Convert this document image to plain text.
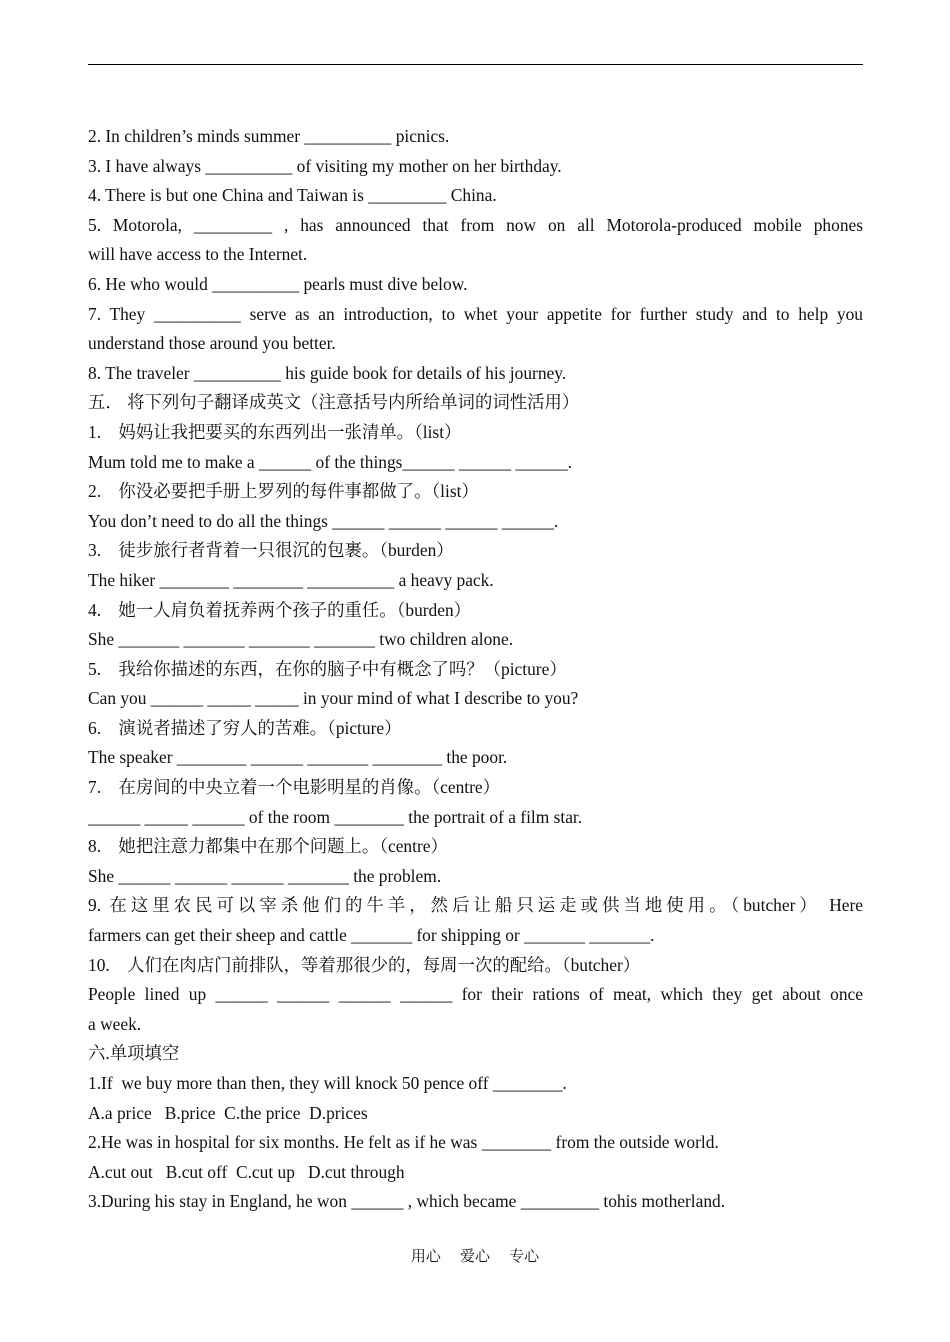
2. In children’s minds summer __________ picnics.

3. I have always __________ of visiting my mother on her birthday.

4. There is but one China and Taiwan is _________ China.

5. Motorola, _________ , has announced that from now on all Motorola-produced mobile phones

will have access to the Internet.

6. He who would __________ pearls must dive below.

7. They __________ serve as an introduction, to whet your appetite for further study and to help you

understand those around you better.

8. The traveler __________ his guide book for details of his journey.

五． 将下列句子翻译成英文（注意括号内所给单词的词性活用）

1.    妈妈让我把要买的东西列出一张清单。（list）

Mum told me to make a ______ of the things______ ______ ______.

2.    你没必要把手册上罗列的每件事都做了。（list）

You don’t need to do all the things ______ ______ ______ ______.

3.    徒步旅行者背着一只很沉的包裹。（burden）

The hiker ________ ________ __________ a heavy pack.

4.    她一人肩负着抚养两个孩子的重任。（burden）

She _______ _______ _______ _______ two children alone.

5.    我给你描述的东西，在你的脑子中有概念了吗？（picture）

Can you ______ _____ _____ in your mind of what I describe to you?

6.    演说者描述了穷人的苦难。（picture）

The speaker ________ ______ _______ ________ the poor.

7.    在房间的中央立着一个电影明星的肖像。（centre）

______ _____ ______ of the room ________ the portrait of a film star.

8.    她把注意力都集中在那个问题上。（centre）

She ______ ______ ______ _______ the problem.

9. 在这里农民可以宰杀他们的牛羊，然后让船只运走或供当地使用。（butcher） Here

farmers can get their sheep and cattle _______ for shipping or _______ _______.

10.    人们在肉店门前排队，等着那很少的，每周一次的配给。（butcher）

People lined up ______ ______ ______ ______ for their rations of meat, which they get about once

a week.

六.单项填空

1.If  we buy more than then, they will knock 50 pence off ________.

A.a price   B.price  C.the price  D.prices

2.He was in hospital for six months. He felt as if he was ________ from the outside world.

A.cut out   B.cut off  C.cut up   D.cut through

3.During his stay in England, he won ______ , which became _________ tohis motherland.

用心    爱心    专心
